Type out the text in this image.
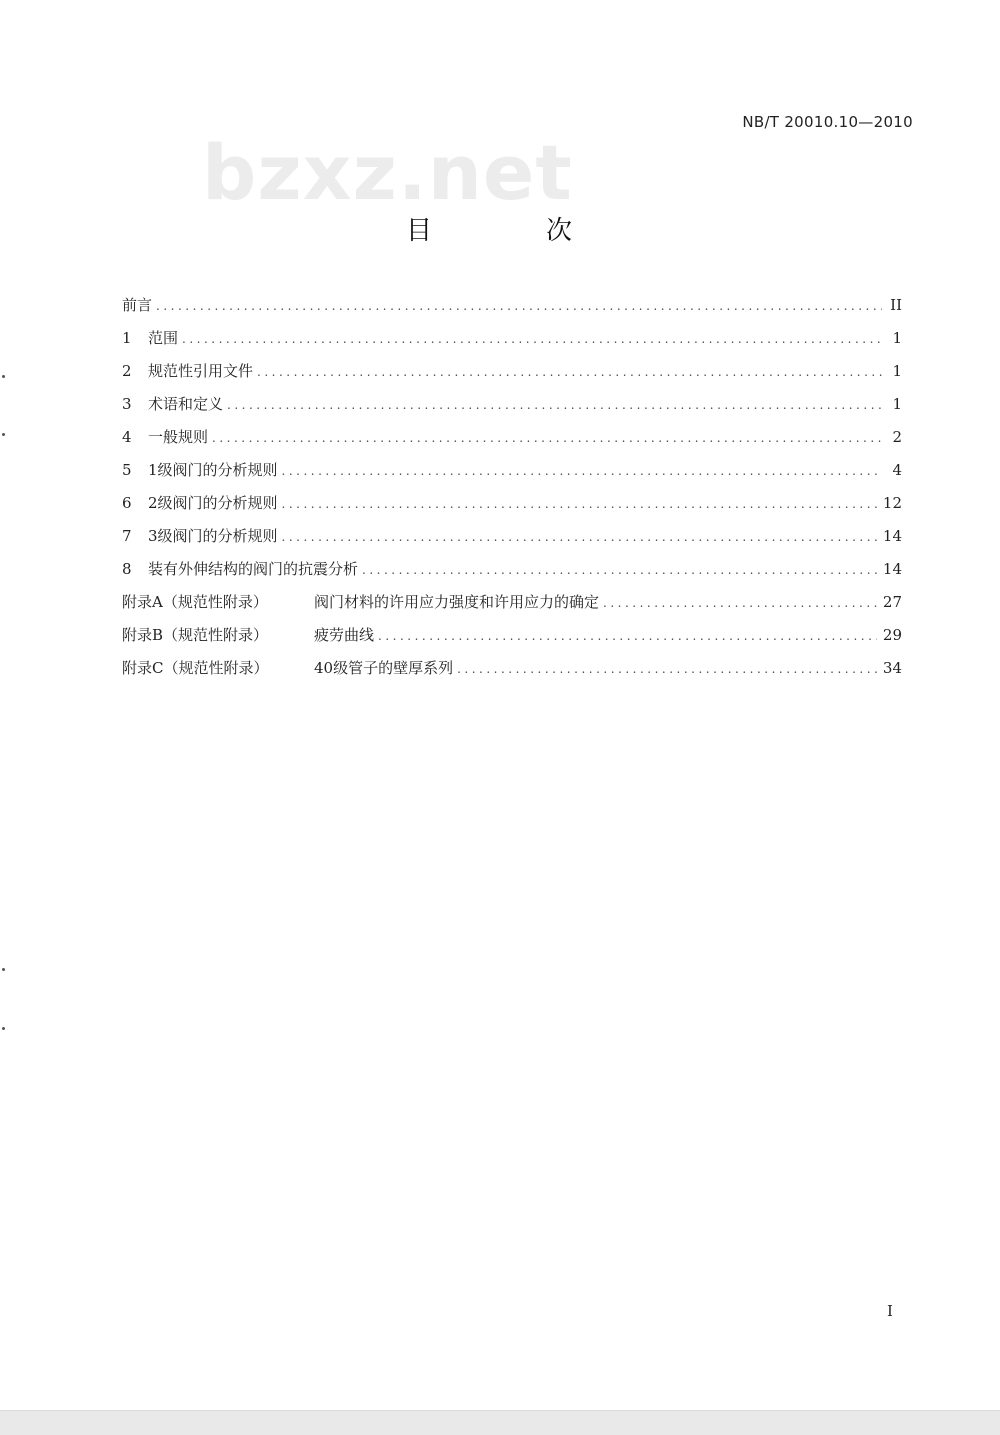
NB/T 20010.10—2010
bzxz.net
目　次
前言 .....	II
1 范围 .....	1
2 规范性引用文件 .....	1
3 术语和定义 .....	1
4 一般规则 .....	2
5 1级阀门的分析规则 .....	4
6 2级阀门的分析规则 .....	12
7 3级阀门的分析规则 .....	14
8 装有外伸结构的阀门的抗震分析 .....	14
附录A（规范性附录）	阀门材料的许用应力强度和许用应力的确定 .....	27
附录B（规范性附录）	疲劳曲线 .....	29
附录C（规范性附录）	40级管子的壁厚系列 .....	34
I
